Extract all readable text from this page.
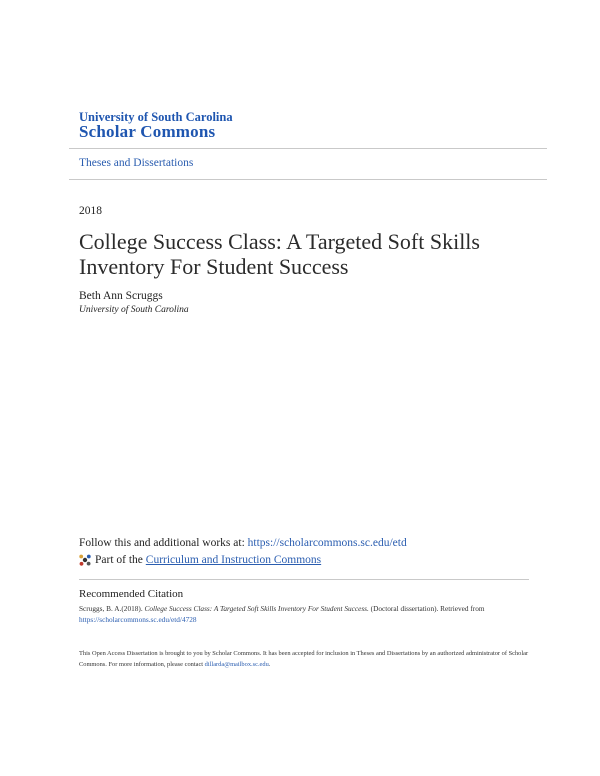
University of South Carolina
Scholar Commons
Theses and Dissertations
2018
College Success Class: A Targeted Soft Skills Inventory For Student Success
Beth Ann Scruggs
University of South Carolina
Follow this and additional works at: https://scholarcommons.sc.edu/etd
Part of the
Curriculum and Instruction Commons
Recommended Citation
Scruggs, B. A.(2018). College Success Class: A Targeted Soft Skills Inventory For Student Success. (Doctoral dissertation). Retrieved from
https://scholarcommons.sc.edu/etd/4728
This Open Access Dissertation is brought to you by Scholar Commons. It has been accepted for inclusion in Theses and Dissertations by an authorized administrator of Scholar Commons. For more information, please contact dillarda@mailbox.sc.edu.
